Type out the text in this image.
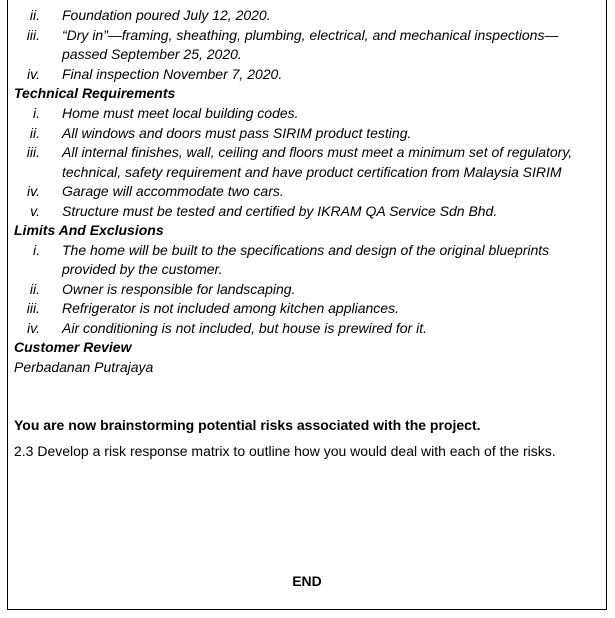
ii. Foundation poured July 12, 2020.
iii. “Dry in”—framing, sheathing, plumbing, electrical, and mechanical inspections—
passed September 25, 2020.
iv. Final inspection November 7, 2020.
Technical Requirements
i. Home must meet local building codes.
ii. All windows and doors must pass SIRIM product testing.
iii. All internal finishes, wall, ceiling and floors must meet a minimum set of regulatory,
technical, safety requirement and have product certification from Malaysia SIRIM
iv. Garage will accommodate two cars.
v. Structure must be tested and certified by IKRAM QA Service Sdn Bhd.
Limits And Exclusions
i. The home will be built to the specifications and design of the original blueprints
provided by the customer.
ii. Owner is responsible for landscaping.
iii. Refrigerator is not included among kitchen appliances.
iv. Air conditioning is not included, but house is prewired for it.
Customer Review
Perbadanan Putrajaya
You are now brainstorming potential risks associated with the project.
2.3 Develop a risk response matrix to outline how you would deal with each of the risks.
END
